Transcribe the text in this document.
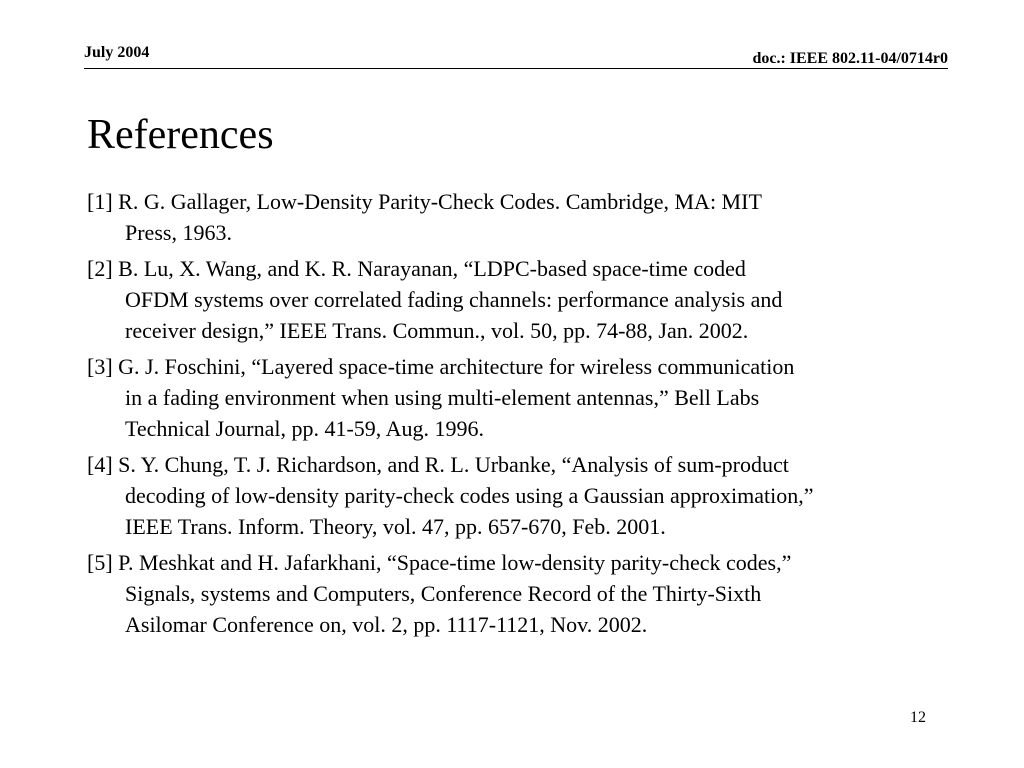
July 2004	doc.: IEEE 802.11-04/0714r0
References
[1] R. G. Gallager, Low-Density Parity-Check Codes. Cambridge, MA: MIT
Press, 1963.
[2] B. Lu, X. Wang, and K. R. Narayanan, “LDPC-based space-time coded
OFDM systems over correlated fading channels: performance analysis and
receiver design,” IEEE Trans. Commun., vol. 50, pp. 74-88, Jan. 2002.
[3] G. J. Foschini, “Layered space-time architecture for wireless communication
in a fading environment when using multi-element antennas,” Bell Labs
Technical Journal, pp. 41-59, Aug. 1996.
[4] S. Y. Chung, T. J. Richardson, and R. L. Urbanke, “Analysis of sum-product
decoding of low-density parity-check codes using a Gaussian approximation,”
IEEE Trans. Inform. Theory, vol. 47, pp. 657-670, Feb. 2001.
[5] P. Meshkat and H. Jafarkhani, “Space-time low-density parity-check codes,”
Signals, systems and Computers, Conference Record of the Thirty-Sixth
Asilomar Conference on, vol. 2, pp. 1117-1121, Nov. 2002.
12
